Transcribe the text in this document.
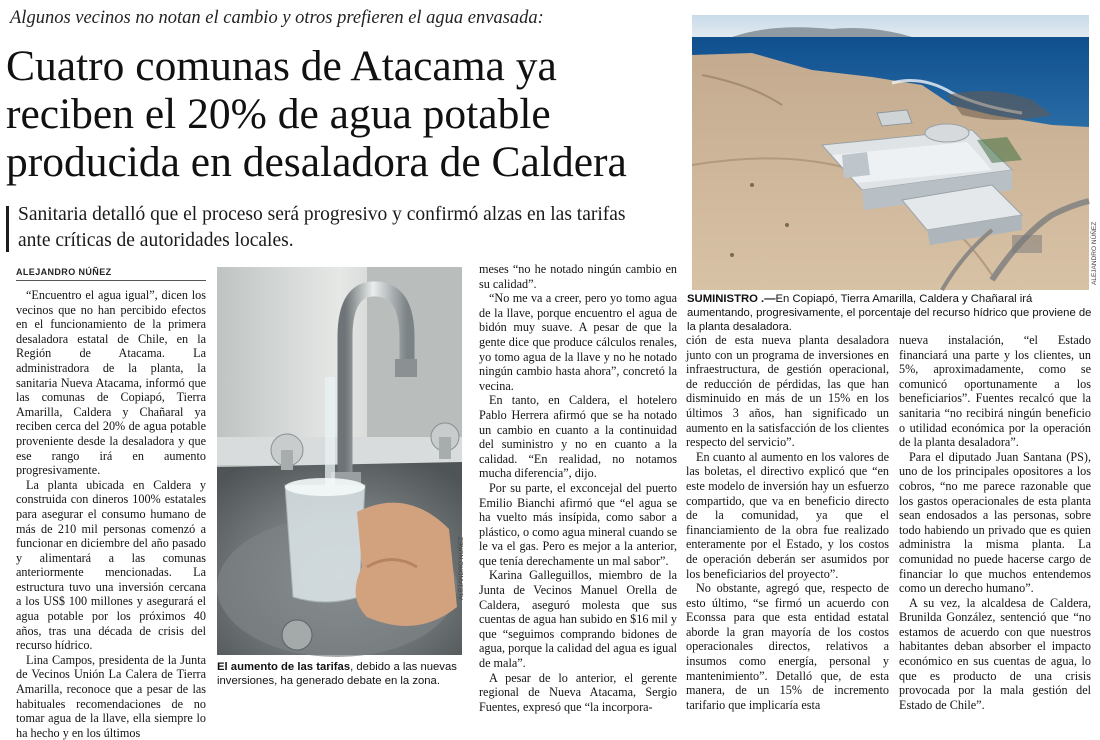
Algunos vecinos no notan el cambio y otros prefieren el agua envasada:
Cuatro comunas de Atacama ya
reciben el 20% de agua potable
producida en desaladora de Caldera

Sanitaria detalló que el proceso será progresivo y confirmó alzas en las tarifas
ante críticas de autoridades locales.

ALEJANDRO NÚÑEZ

“Encuentro el agua igual”, dicen los vecinos que no han percibido efectos en el funcionamiento de la primera desaladora estatal de Chile, en la Región de Atacama. La administradora de la planta, la sanitaria Nueva Atacama, informó que las comunas de Copiapó, Tierra Amarilla, Caldera y Chañaral ya reciben cerca del 20% de agua potable proveniente desde la desaladora y que ese rango irá en aumento progresivamente.

La planta ubicada en Caldera y construida con dineros 100% estatales para asegurar el consumo humano de más de 210 mil personas comenzó a funcionar en diciembre del año pasado y alimentará a las comunas anteriormente mencionadas. La estructura tuvo una inversión cercana a los US$ 100 millones y asegurará el agua potable por los próximos 40 años, tras una década de crisis del recurso hídrico.

Lina Campos, presidenta de la Junta de Vecinos Unión La Calera de Tierra Amarilla, reconoce que a pesar de las habituales recomendaciones de no tomar agua de la llave, ella siempre lo ha hecho y en los últimos

ALEJANDRO NÚÑEZ
El aumento de las tarifas, debido a las nuevas inversiones, ha generado debate en la zona.

meses “no he notado ningún cambio en su calidad”.

“No me va a creer, pero yo tomo agua de la llave, porque encuentro el agua de bidón muy suave. A pesar de que la gente dice que produce cálculos renales, yo tomo agua de la llave y no he notado ningún cambio hasta ahora”, concretó la vecina.

En tanto, en Caldera, el hotelero Pablo Herrera afirmó que se ha notado un cambio en cuanto a la continuidad del suministro y no en cuanto a la calidad. “En realidad, no notamos mucha diferencia”, dijo.

Por su parte, el exconcejal del puerto Emilio Bianchi afirmó que “el agua se ha vuelto más insípida, como sabor a plástico, o como agua mineral cuando se le va el gas. Pero es mejor a la anterior, que tenía derechamente un mal sabor”.

Karina Galleguillos, miembro de la Junta de Vecinos Manuel Orella de Caldera, aseguró molesta que sus cuentas de agua han subido en $16 mil y que “seguimos comprando bidones de agua, porque la calidad del agua es igual de mala”.

A pesar de lo anterior, el gerente regional de Nueva Atacama, Sergio Fuentes, expresó que “la incorpora-

ALEJANDRO NÚÑEZ
SUMINISTRO .—En Copiapó, Tierra Amarilla, Caldera y Chañaral irá aumentando, progresivamente, el porcentaje del recurso hídrico que proviene de la planta desaladora.

ción de esta nueva planta desaladora junto con un programa de inversiones en infraestructura, de gestión operacional, de reducción de pérdidas, las que han disminuido en más de un 15% en los últimos 3 años, han significado un aumento en la satisfacción de los clientes respecto del servicio”.

En cuanto al aumento en los valores de las boletas, el directivo explicó que “en este modelo de inversión hay un esfuerzo compartido, que va en beneficio directo de la comunidad, ya que el financiamiento de la obra fue realizado enteramente por el Estado, y los costos de operación deberán ser asumidos por los beneficiarios del proyecto”.

No obstante, agregó que, respecto de esto último, “se firmó un acuerdo con Econssa para que esta entidad estatal aborde la gran mayoría de los costos operacionales directos, relativos a insumos como energía, personal y mantenimiento”. Detalló que, de esta manera, de un 15% de incremento tarifario que implicaría esta

nueva instalación, “el Estado financiará una parte y los clientes, un 5%, aproximadamente, como se comunicó oportunamente a los beneficiarios”. Fuentes recalcó que la sanitaria “no recibirá ningún beneficio o utilidad económica por la operación de la planta desaladora”.

Para el diputado Juan Santana (PS), uno de los principales opositores a los cobros, “no me parece razonable que los gastos operacionales de esta planta sean endosados a las personas, sobre todo habiendo un privado que es quien administra la misma planta. La comunidad no puede hacerse cargo de financiar lo que muchos entendemos como un derecho humano”.

A su vez, la alcaldesa de Caldera, Brunilda González, sentenció que “no estamos de acuerdo con que nuestros habitantes deban absorber el impacto económico en sus cuentas de agua, lo que es producto de una crisis provocada por la mala gestión del Estado de Chile”.
